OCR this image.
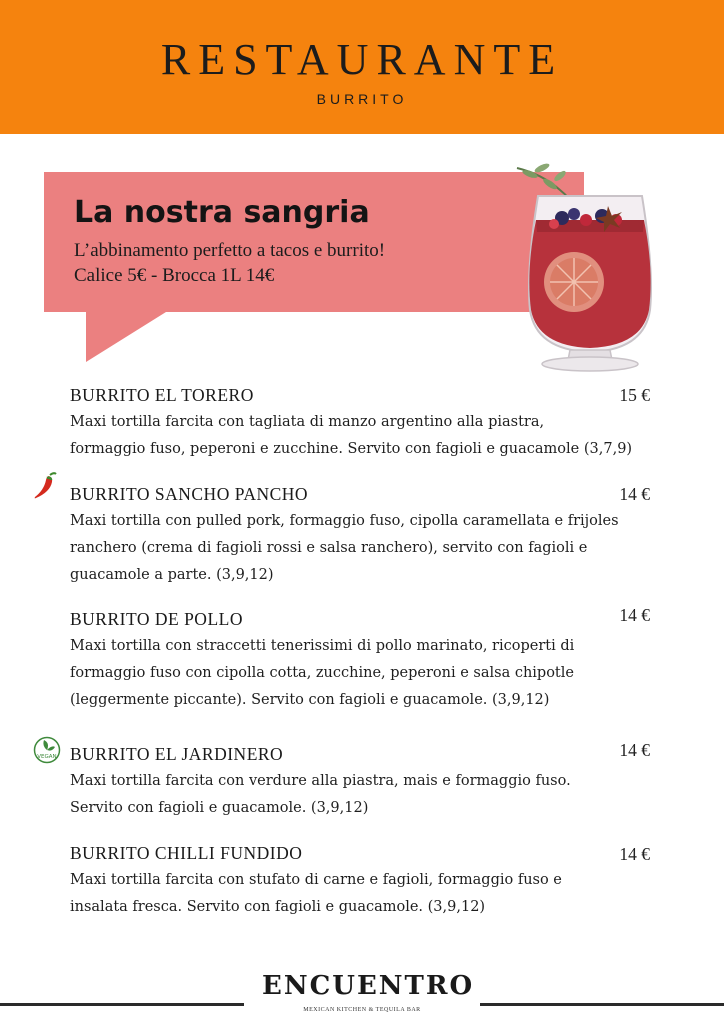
RESTAURANTE
BURRITO
La nostra sangria
L’abbinamento perfetto a tacos e burrito!
Calice 5€ - Brocca 1L 14€
BURRITO EL TORERO
Maxi tortilla farcita con tagliata di manzo argentino alla piastra,
formaggio fuso, peperoni e zucchine. Servito con fagioli e guacamole (3,7,9)
15 €
BURRITO SANCHO PANCHO
Maxi tortilla con pulled pork, formaggio fuso, cipolla caramellata e frijoles
ranchero (crema di fagioli rossi e salsa ranchero), servito con fagioli e
guacamole a parte. (3,9,12)
14 €
BURRITO DE POLLO
Maxi tortilla con straccetti tenerissimi di pollo marinato, ricoperti di
formaggio fuso con cipolla cotta, zucchine, peperoni e salsa chipotle
(leggermente piccante). Servito con fagioli e guacamole. (3,9,12)
14 €
VEGAN BURRITO EL JARDINERO
Maxi tortilla farcita con verdure alla piastra, mais e formaggio fuso.
Servito con fagioli e guacamole. (3,9,12)
14 €
BURRITO CHILLI FUNDIDO
Maxi tortilla farcita con stufato di carne e fagioli, formaggio fuso e
insalata fresca. Servito con fagioli e guacamole. (3,9,12)
14 €
ENCUENTRO
MEXICAN KITCHEN & TEQUILA BAR
